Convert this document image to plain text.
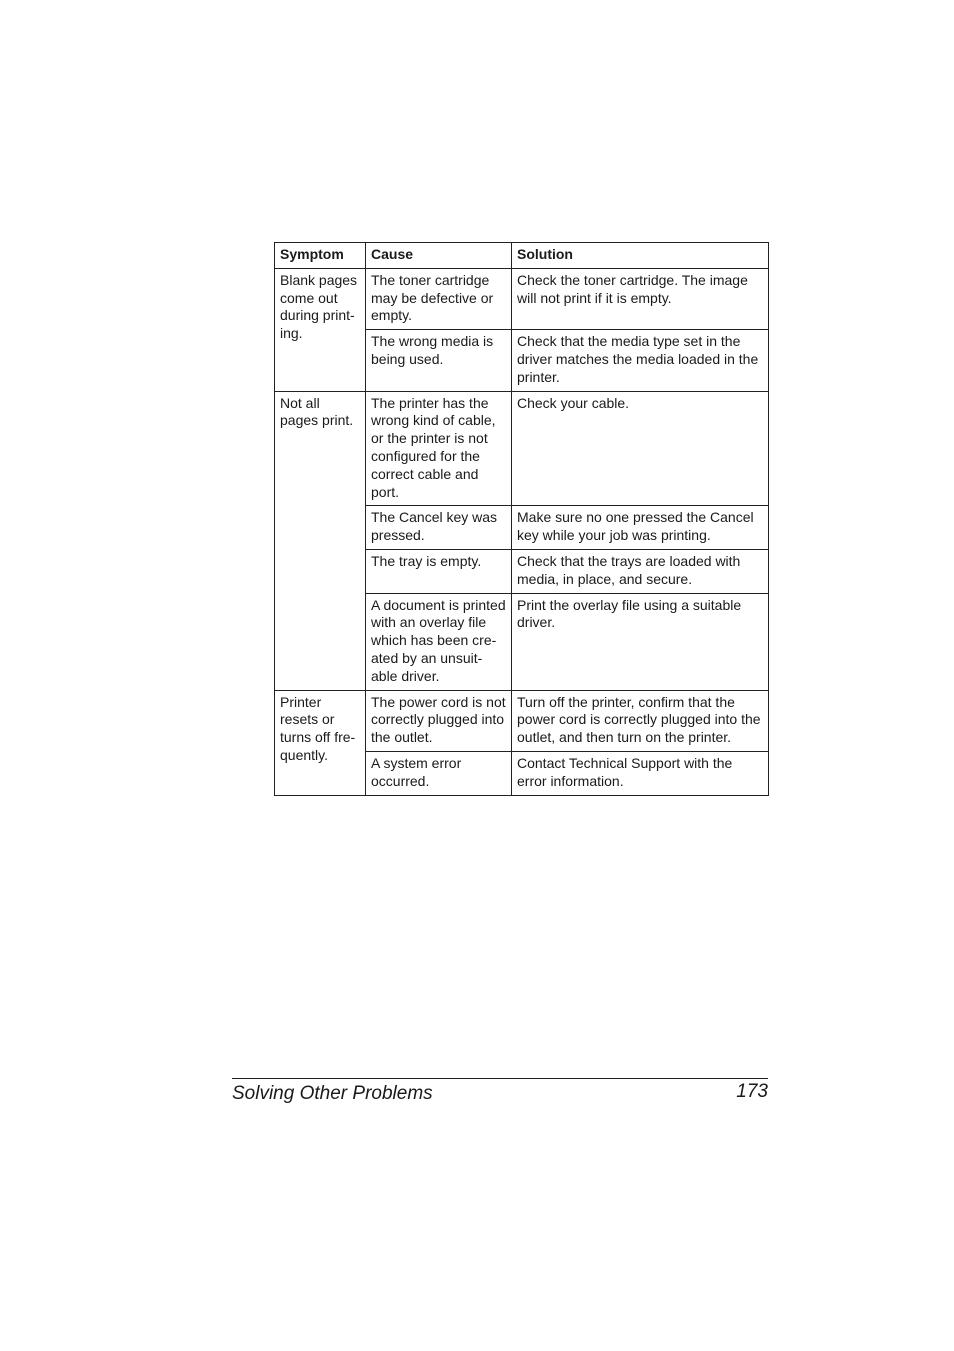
Symptom	Cause	Solution
Blank pages come out during print-ing.	The toner cartridge may be defective or empty.	Check the toner cartridge. The image will not print if it is empty.
	The wrong media is being used.	Check that the media type set in the driver matches the media loaded in the printer.
Not all pages print.	The printer has the wrong kind of cable, or the printer is not configured for the correct cable and port.	Check your cable.
	The Cancel key was pressed.	Make sure no one pressed the Cancel key while your job was printing.
	The tray is empty.	Check that the trays are loaded with media, in place, and secure.
	A document is printed with an overlay file which has been cre-ated by an unsuit-able driver.	Print the overlay file using a suitable driver.
Printer resets or turns off fre-quently.	The power cord is not correctly plugged into the outlet.	Turn off the printer, confirm that the power cord is correctly plugged into the outlet, and then turn on the printer.
	A system error occurred.	Contact Technical Support with the error information.
Solving Other Problems	173
